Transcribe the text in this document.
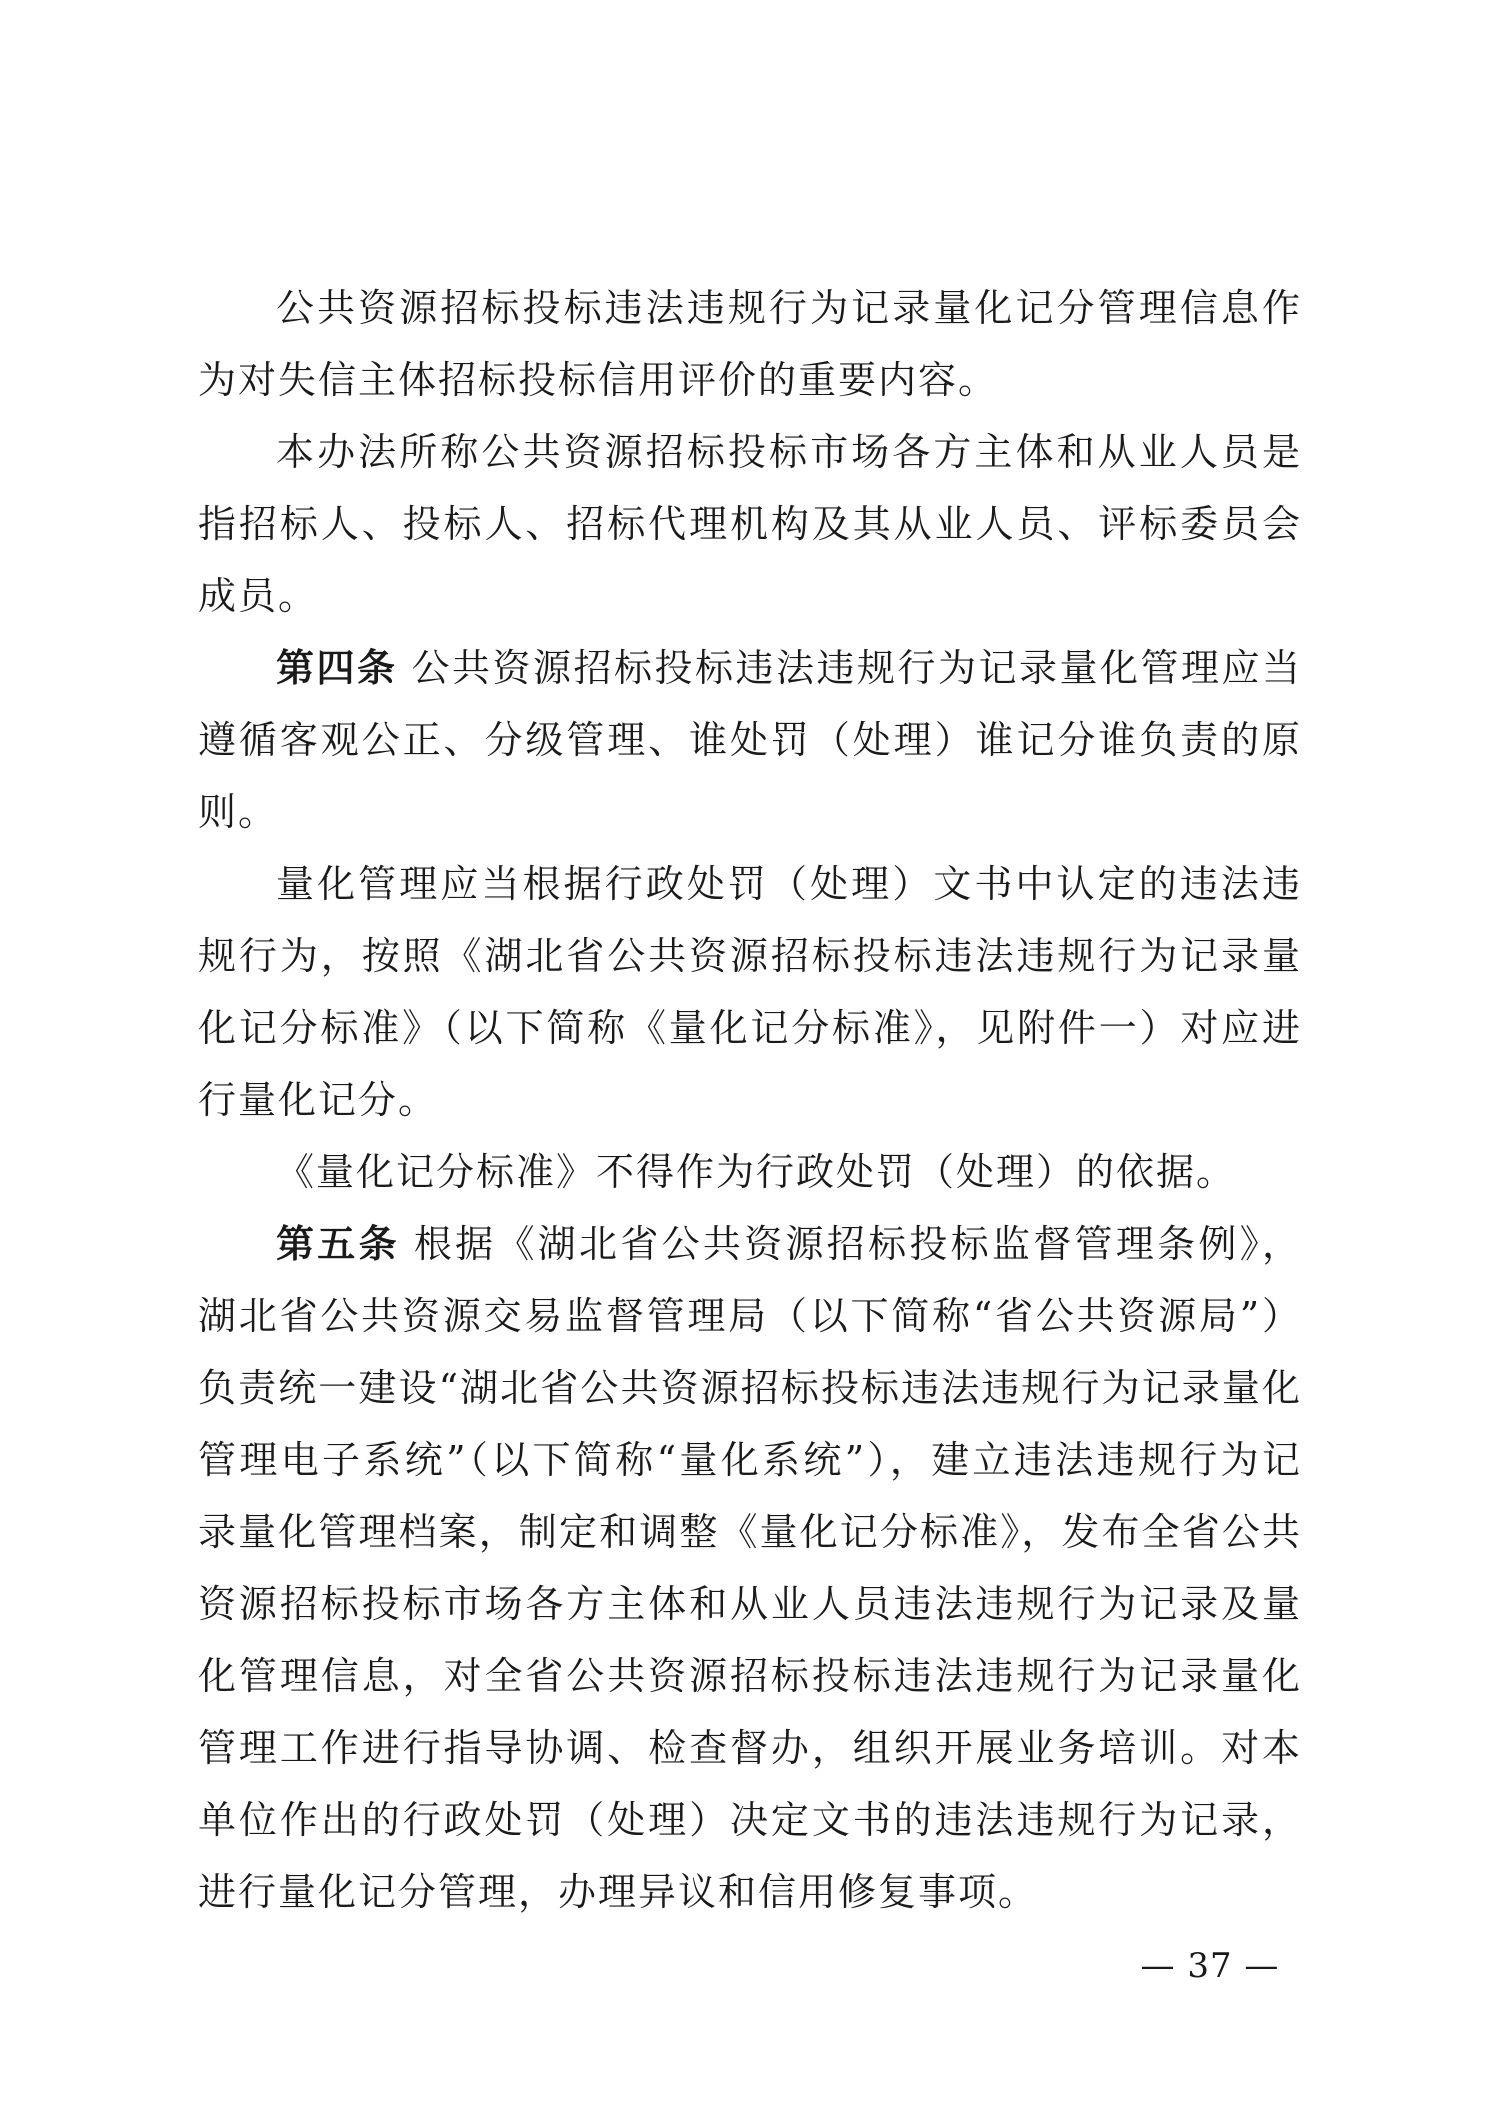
公共资源招标投标违法违规行为记录量化记分管理信息作为对失信主体招标投标信用评价的重要内容。

本办法所称公共资源招标投标市场各方主体和从业人员是指招标人、投标人、招标代理机构及其从业人员、评标委员会成员。

第四条 公共资源招标投标违法违规行为记录量化管理应当遵循客观公正、分级管理、谁处罚（处理）谁记分谁负责的原则。

量化管理应当根据行政处罚（处理）文书中认定的违法违规行为，按照《湖北省公共资源招标投标违法违规行为记录量化记分标准》（以下简称《量化记分标准》，见附件一）对应进行量化记分。

《量化记分标准》不得作为行政处罚（处理）的依据。

第五条 根据《湖北省公共资源招标投标监督管理条例》，湖北省公共资源交易监督管理局（以下简称“省公共资源局”）负责统一建设“湖北省公共资源招标投标违法违规行为记录量化管理电子系统”（以下简称“量化系统”），建立违法违规行为记录量化管理档案，制定和调整《量化记分标准》，发布全省公共资源招标投标市场各方主体和从业人员违法违规行为记录及量化管理信息，对全省公共资源招标投标违法违规行为记录量化管理工作进行指导协调、检查督办，组织开展业务培训。对本单位作出的行政处罚（处理）决定文书的违法违规行为记录，进行量化记分管理，办理异议和信用修复事项。

— 37 —
